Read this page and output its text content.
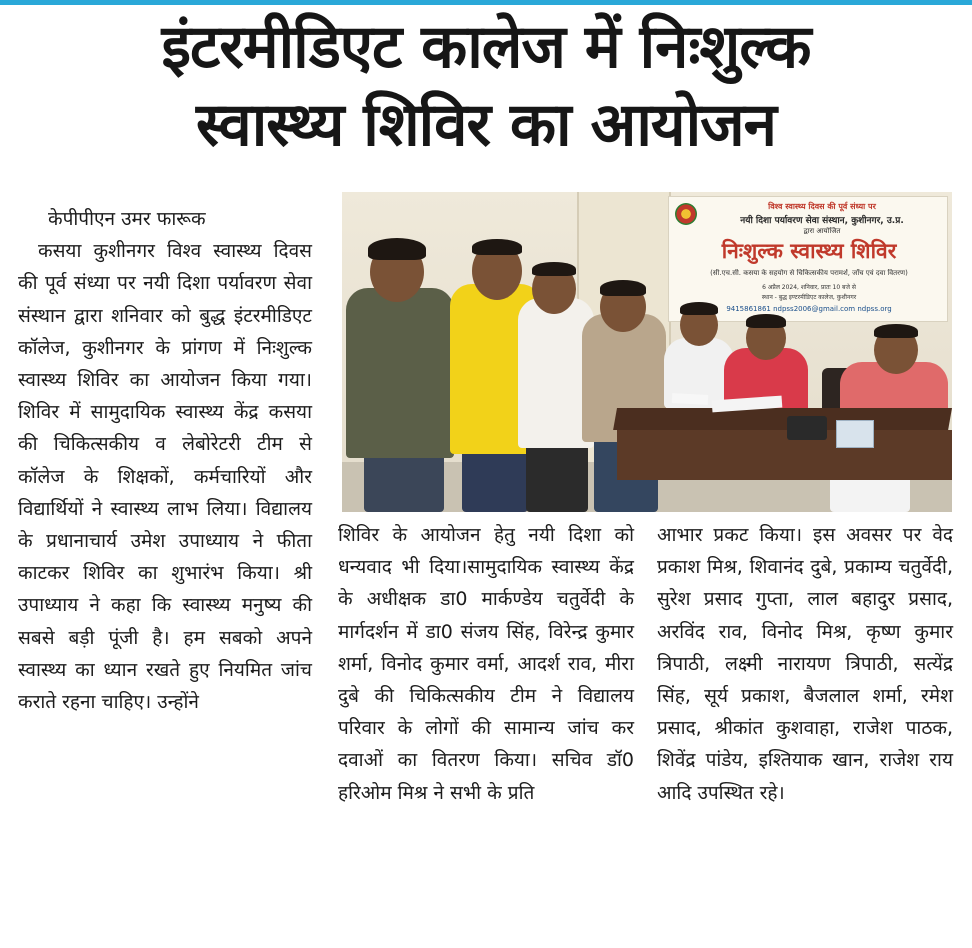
इंटरमीडिएट कालेज में निःशुल्क
स्वास्थ्य शिविर का आयोजन

केपीपीएन उमर फारूक

कसया कुशीनगर विश्व स्वास्थ्य दिवस की पूर्व संध्या पर नयी दिशा पर्यावरण सेवा संस्थान द्वारा शनिवार को बुद्ध इंटरमीडिएट कॉलेज, कुशीनगर के प्रांगण में निःशुल्क स्वास्थ्य शिविर का आयोजन किया गया। शिविर में सामुदायिक स्वास्थ्य केंद्र कसया की चिकित्सकीय व लेबोरेटरी टीम से कॉलेज के शिक्षकों, कर्मचारियों और विद्यार्थियों ने स्वास्थ्य लाभ लिया। विद्यालय के प्रधानाचार्य उमेश उपाध्याय ने फीता काटकर शिविर का शुभारंभ किया। श्री उपाध्याय ने कहा कि स्वास्थ्य मनुष्य की सबसे बड़ी पूंजी है। हम सबको अपने स्वास्थ्य का ध्यान रखते हुए नियमित जांच कराते रहना चाहिए। उन्होंने

विश्व स्वास्थ्य दिवस की पूर्व संध्या पर
नयी दिशा पर्यावरण सेवा संस्थान, कुशीनगर, उ.प्र.
द्वारा आयोजित
निःशुल्क स्वास्थ्य शिविर
(सी.एच.सी. कसया के सहयोग से चिकित्सकीय परामर्श, जाँच एवं दवा वितरण)
6 अप्रैल 2024, शनिवार, प्रातः 10 बजे से
स्थान - बुद्ध इण्टरमीडिएट कालेज, कुशीनगर
9415861861 ndpss2006@gmail.com ndpss.org

शिविर के आयोजन हेतु नयी दिशा को धन्यवाद भी दिया।सामुदायिक स्वास्थ्य केंद्र के अधीक्षक डा0 मार्कण्डेय चतुर्वेदी के मार्गदर्शन में डा0 संजय सिंह, विरेन्द्र कुमार शर्मा, विनोद कुमार वर्मा, आदर्श राव, मीरा दुबे की चिकित्सकीय टीम ने विद्यालय परिवार के लोगों की सामान्य जांच कर दवाओं का वितरण किया। सचिव डॉ0 हरिओम मिश्र ने सभी के प्रति

आभार प्रकट किया। इस अवसर पर वेद प्रकाश मिश्र, शिवानंद दुबे, प्रकाम्य चतुर्वेदी, सुरेश प्रसाद गुप्ता, लाल बहादुर प्रसाद, अरविंद राव, विनोद मिश्र, कृष्ण कुमार त्रिपाठी, लक्ष्मी नारायण त्रिपाठी, सत्येंद्र सिंह, सूर्य प्रकाश, बैजलाल शर्मा, रमेश प्रसाद, श्रीकांत कुशवाहा, राजेश पाठक, शिवेंद्र पांडेय, इश्तियाक खान, राजेश राय आदि उपस्थित रहे।
